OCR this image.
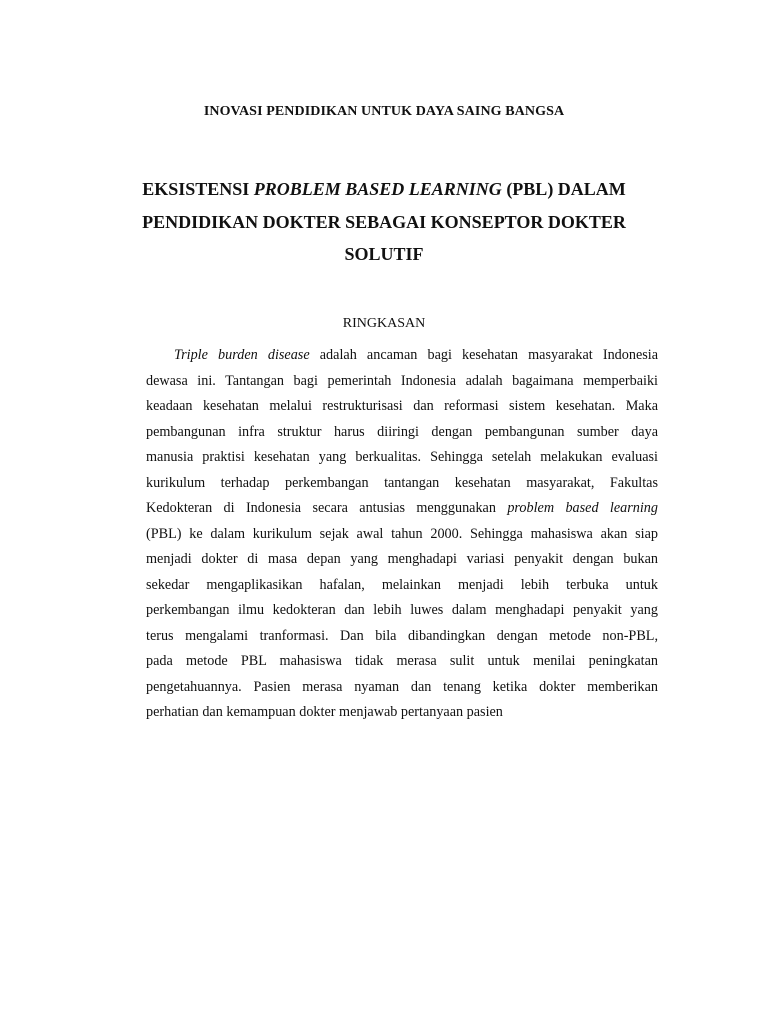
INOVASI PENDIDIKAN UNTUK DAYA SAING BANGSA
EKSISTENSI PROBLEM BASED LEARNING (PBL) DALAM PENDIDIKAN DOKTER SEBAGAI KONSEPTOR DOKTER SOLUTIF
RINGKASAN
Triple burden disease adalah ancaman bagi kesehatan masyarakat Indonesia
dewasa ini. Tantangan bagi pemerintah Indonesia adalah bagaimana memperbaiki
keadaan kesehatan melalui restrukturisasi dan reformasi sistem kesehatan. Maka
pembangunan infra struktur harus diiringi dengan pembangunan sumber daya
manusia praktisi kesehatan yang berkualitas. Sehingga setelah melakukan evaluasi
kurikulum terhadap perkembangan tantangan kesehatan masyarakat, Fakultas
Kedokteran di Indonesia secara antusias menggunakan problem based learning
(PBL) ke dalam kurikulum sejak awal tahun 2000. Sehingga mahasiswa akan siap
menjadi dokter di masa depan yang menghadapi variasi penyakit dengan bukan
sekedar mengaplikasikan hafalan, melainkan menjadi lebih terbuka untuk
perkembangan ilmu kedokteran dan lebih luwes dalam menghadapi penyakit yang
terus mengalami tranformasi. Dan bila dibandingkan dengan metode non-PBL,
pada metode PBL mahasiswa tidak merasa sulit untuk menilai peningkatan
pengetahuannya. Pasien merasa nyaman dan tenang ketika dokter memberikan
perhatian dan kemampuan dokter menjawab pertanyaan pasien
